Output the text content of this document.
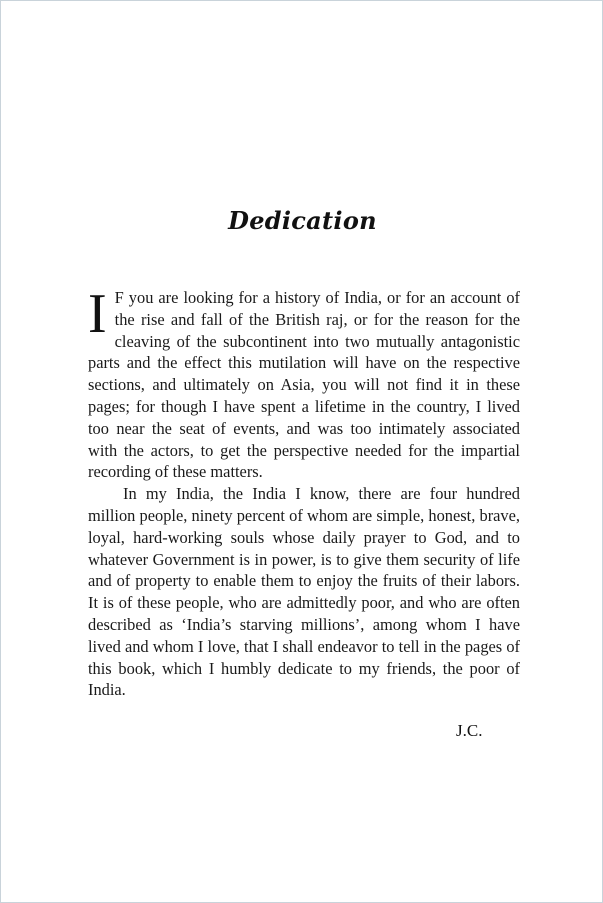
Dedication

I F you are looking for a history of India, or for an account of the rise and fall of the British raj, or for the reason for the cleaving of the subcontinent into two mutually antagonistic parts and the effect this mutilation will have on the respective sections, and ultimately on Asia, you will not find it in these pages; for though I have spent a lifetime in the country, I lived too near the seat of events, and was too intimately associated with the actors, to get the perspective needed for the impartial recording of these matters.

In my India, the India I know, there are four hundred million people, ninety percent of whom are simple, honest, brave, loyal, hard-working souls whose daily prayer to God, and to whatever Government is in power, is to give them security of life and of property to enable them to enjoy the fruits of their labors. It is of these people, who are admittedly poor, and who are often described as ‘India’s starving millions’, among whom I have lived and whom I love, that I shall endeavor to tell in the pages of this book, which I humbly dedicate to my friends, the poor of India.

J.C.
